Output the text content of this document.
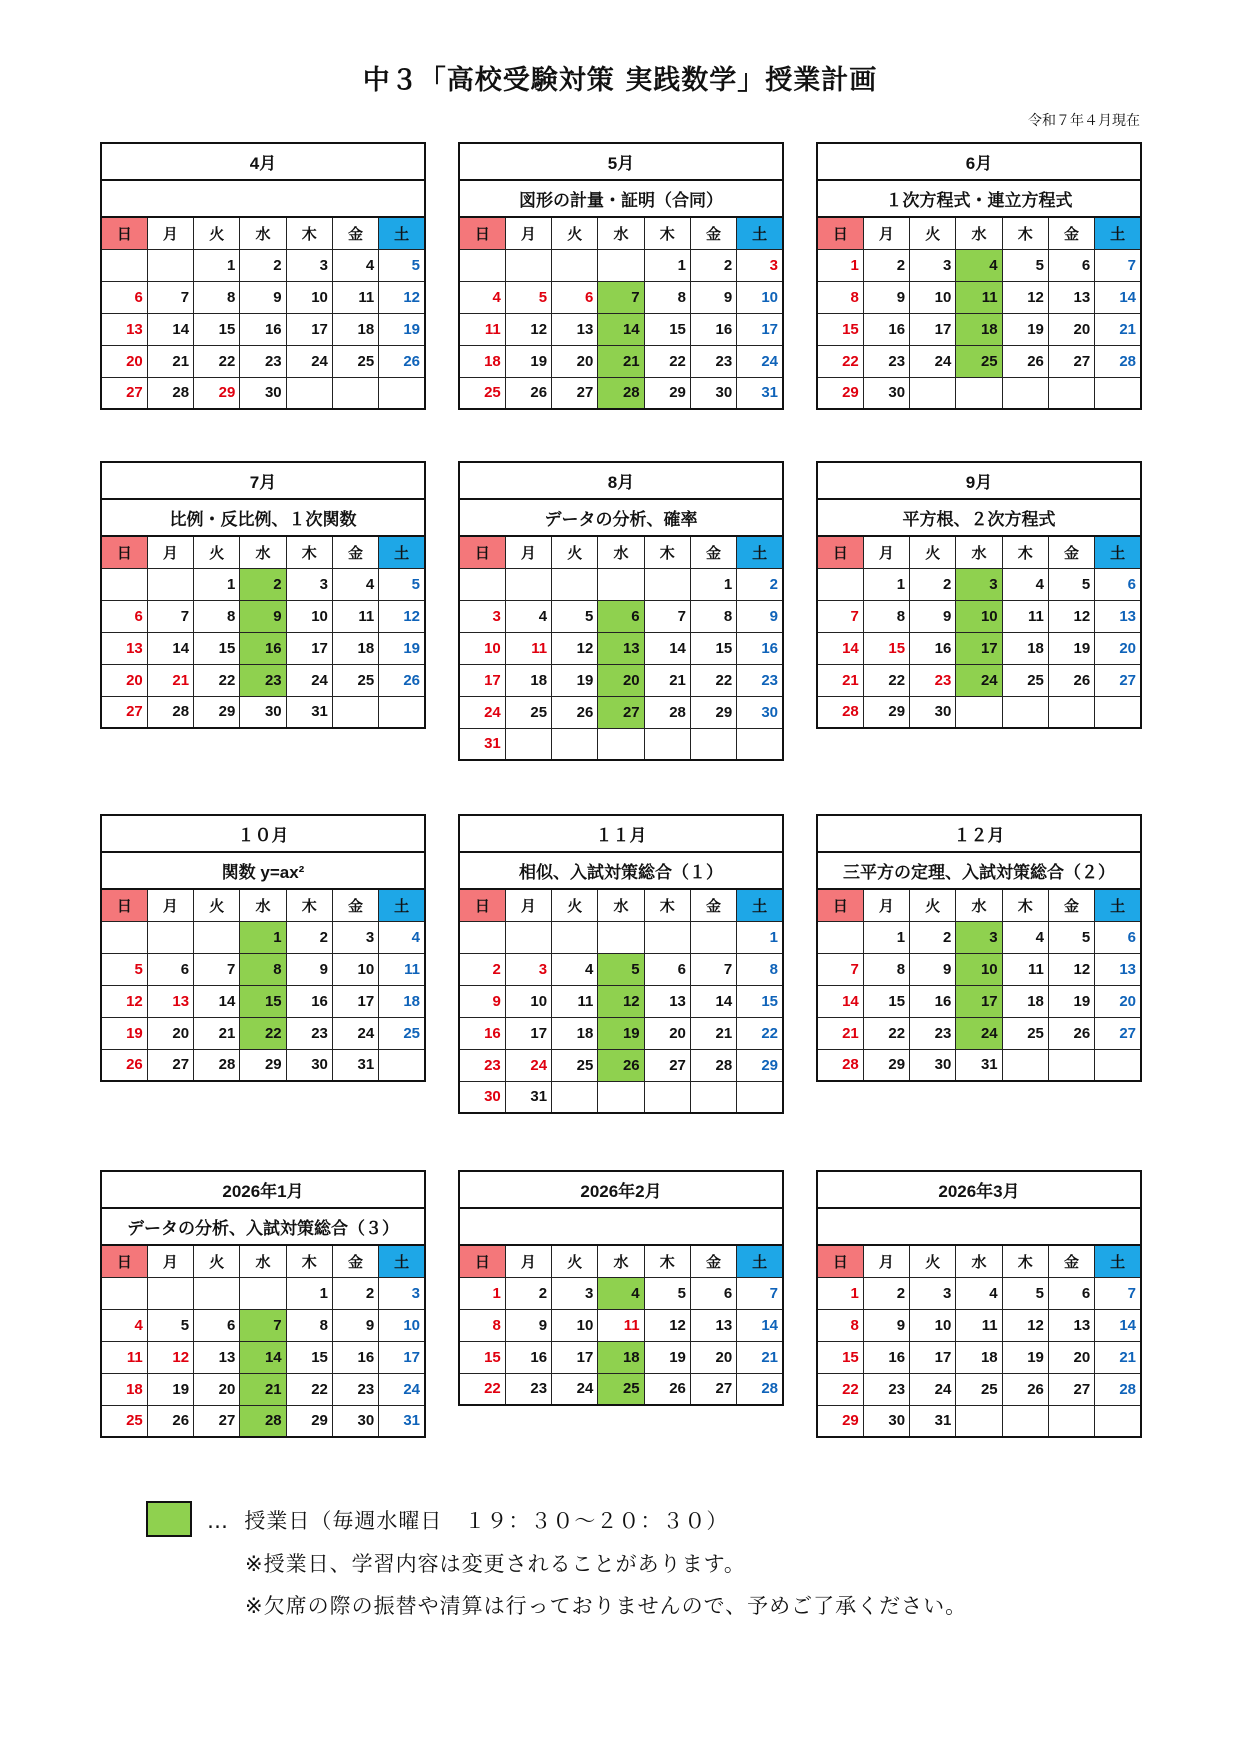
中３「高校受験対策 実践数学」授業計画
令和７年４月現在
4月						

日	月	火	水	木	金	土
		1	2	3	4	5
6	7	8	9	10	11	12
13	14	15	16	17	18	19
20	21	22	23	24	25	26
27	28	29	30			
5月						
図形の計量・証明（合同）						
日	月	火	水	木	金	土
				1	2	3
4	5	6	7	8	9	10
11	12	13	14	15	16	17
18	19	20	21	22	23	24
25	26	27	28	29	30	31
6月						
１次方程式・連立方程式						
日	月	火	水	木	金	土
1	2	3	4	5	6	7
8	9	10	11	12	13	14
15	16	17	18	19	20	21
22	23	24	25	26	27	28
29	30					
7月						
比例・反比例、１次関数						
日	月	火	水	木	金	土
		1	2	3	4	5
6	7	8	9	10	11	12
13	14	15	16	17	18	19
20	21	22	23	24	25	26
27	28	29	30	31		
8月						
データの分析、確率						
日	月	火	水	木	金	土
					1	2
3	4	5	6	7	8	9
10	11	12	13	14	15	16
17	18	19	20	21	22	23
24	25	26	27	28	29	30
31						
9月						
平方根、２次方程式						
日	月	火	水	木	金	土
	1	2	3	4	5	6
7	8	9	10	11	12	13
14	15	16	17	18	19	20
21	22	23	24	25	26	27
28	29	30				
１０月						
関数 y=ax²						
日	月	火	水	木	金	土
			1	2	3	4
5	6	7	8	9	10	11
12	13	14	15	16	17	18
19	20	21	22	23	24	25
26	27	28	29	30	31	
１１月						
相似、入試対策総合（１）						
日	月	火	水	木	金	土
						1
2	3	4	5	6	7	8
9	10	11	12	13	14	15
16	17	18	19	20	21	22
23	24	25	26	27	28	29
30	31					
１２月						
三平方の定理、入試対策総合（２）						
日	月	火	水	木	金	土
	1	2	3	4	5	6
7	8	9	10	11	12	13
14	15	16	17	18	19	20
21	22	23	24	25	26	27
28	29	30	31			
2026年1月						
データの分析、入試対策総合（３）						
日	月	火	水	木	金	土
				1	2	3
4	5	6	7	8	9	10
11	12	13	14	15	16	17
18	19	20	21	22	23	24
25	26	27	28	29	30	31
2026年2月						

日	月	火	水	木	金	土
1	2	3	4	5	6	7
8	9	10	11	12	13	14
15	16	17	18	19	20	21
22	23	24	25	26	27	28
2026年3月						

日	月	火	水	木	金	土
1	2	3	4	5	6	7
8	9	10	11	12	13	14
15	16	17	18	19	20	21
22	23	24	25	26	27	28
29	30	31				
… 授業日（毎週水曜日　１９：３０～２０：３０）
※授業日、学習内容は変更されることがあります。
※欠席の際の振替や清算は行っておりませんので、予めご了承ください。
